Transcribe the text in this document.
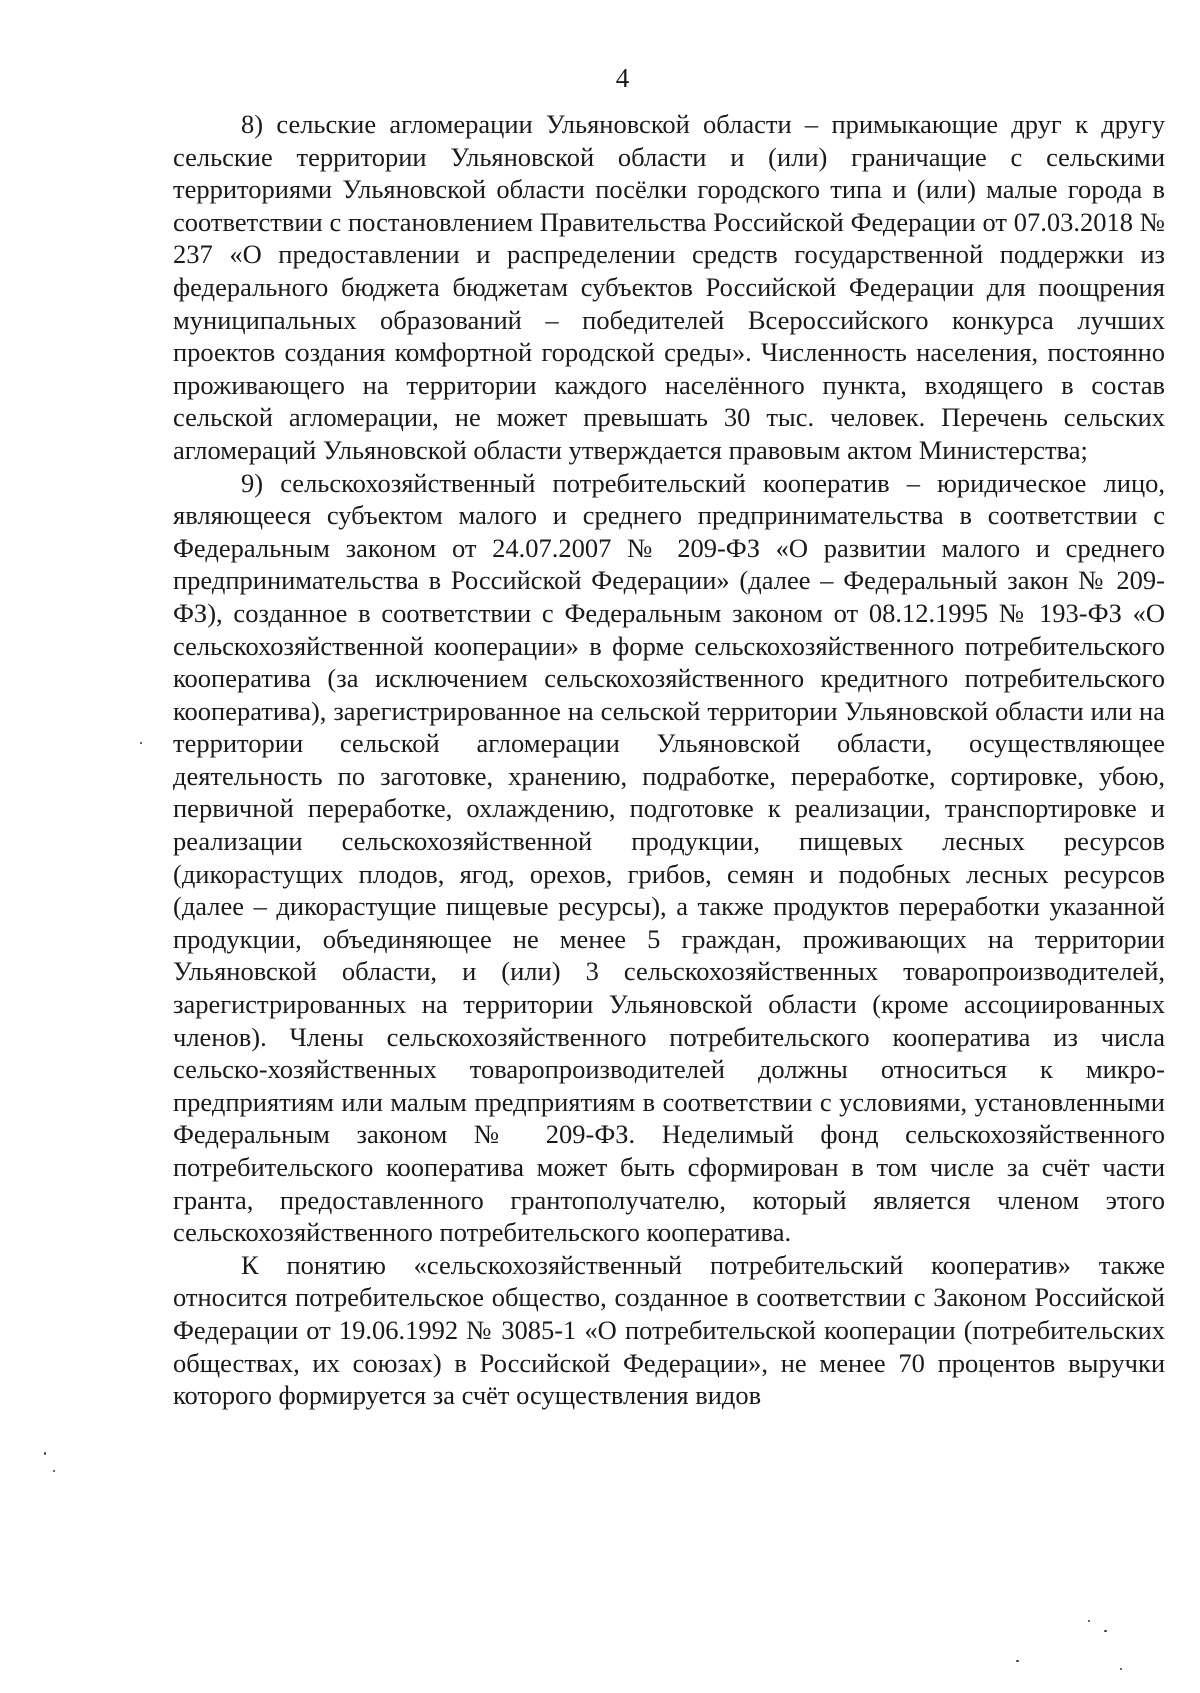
4

8) сельские агломерации Ульяновской области – примыкающие друг к другу сельские территории Ульяновской области и (или) граничащие с сельскими территориями Ульяновской области посёлки городского типа и (или) малые города в соответствии с постановлением Правительства Российской Федерации от 07.03.2018 № 237 «О предоставлении и распределении средств государственной поддержки из федерального бюджета бюджетам субъектов Российской Федерации для поощрения муниципальных образований – победителей Всероссийского конкурса лучших проектов создания комфортной городской среды». Численность населения, постоянно проживающего на территории каждого населённого пункта, входящего в состав сельской агломерации, не может превышать 30 тыс. человек. Перечень сельских агломераций Ульяновской области утверждается правовым актом Министерства;

9) сельскохозяйственный потребительский кооператив – юридическое лицо, являющееся субъектом малого и среднего предпринимательства в соответствии с Федеральным законом от 24.07.2007 № 209-ФЗ «О развитии малого и среднего предпринимательства в Российской Федерации» (далее – Федеральный закон № 209-ФЗ), созданное в соответствии с Федеральным законом от 08.12.1995 № 193-ФЗ «О сельскохозяйственной кооперации» в форме сельскохозяйственного потребительского кооператива (за исключением сельскохозяйственного кредитного потребительского кооператива), зарегистрированное на сельской территории Ульяновской области или на территории сельской агломерации Ульяновской области, осуществляющее деятельность по заготовке, хранению, подработке, переработке, сортировке, убою, первичной переработке, охлаждению, подготовке к реализации, транспортировке и реализации сельскохозяйственной продукции, пищевых лесных ресурсов (дикорастущих плодов, ягод, орехов, грибов, семян и подобных лесных ресурсов (далее – дикорастущие пищевые ресурсы), а также продуктов переработки указанной продукции, объединяющее не менее 5 граждан, проживающих на территории Ульяновской области, и (или) 3 сельскохозяйственных товаропроизводителей, зарегистрированных на территории Ульяновской области (кроме ассоциированных членов). Члены сельскохозяйственного потребительского кооператива из числа сельско-хозяйственных товаропроизводителей должны относиться к микро-предприятиям или малым предприятиям в соответствии с условиями, установленными Федеральным законом № 209-ФЗ. Неделимый фонд сельскохозяйственного потребительского кооператива может быть сформирован в том числе за счёт части гранта, предоставленного грантополучателю, который является членом этого сельскохозяйственного потребительского кооператива.

К понятию «сельскохозяйственный потребительский кооператив» также относится потребительское общество, созданное в соответствии с Законом Российской Федерации от 19.06.1992 № 3085-1 «О потребительской кооперации (потребительских обществах, их союзах) в Российской Федерации», не менее 70 процентов выручки которого формируется за счёт осуществления видов
